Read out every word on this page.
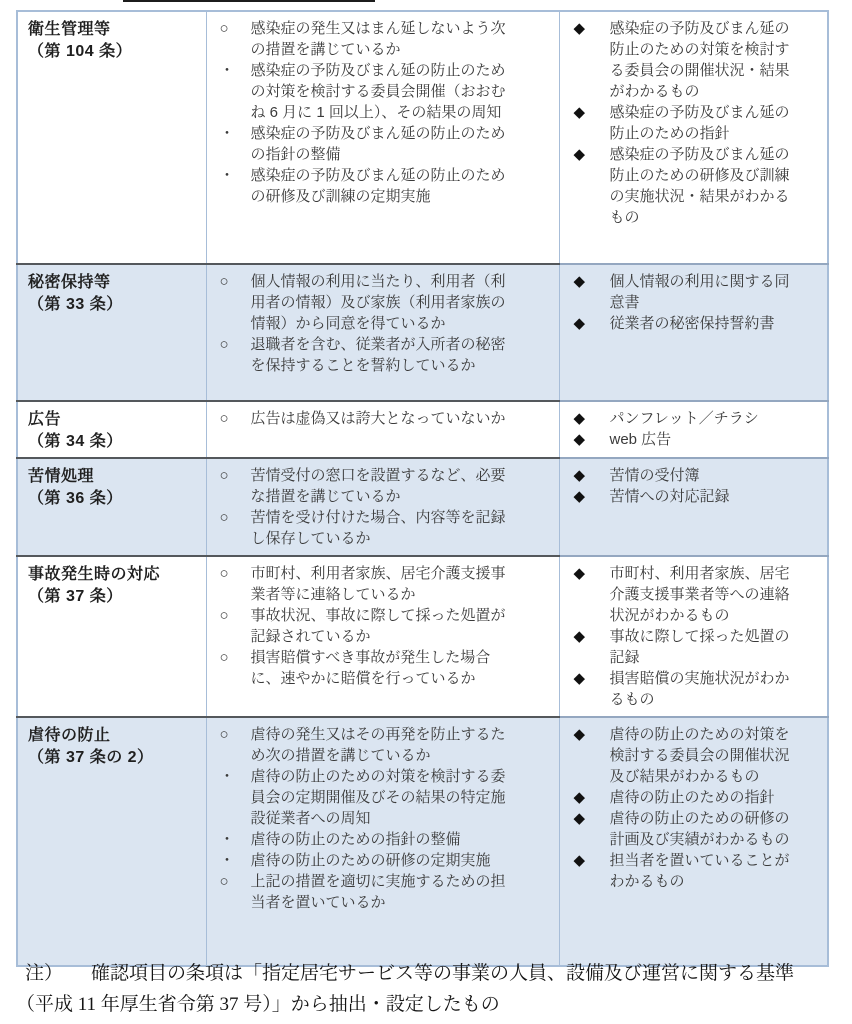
衛生管理等
（第 104 条）

○	感染症の発生又はまん延しないよう次の措置を講じているか
・	感染症の予防及びまん延の防止のための対策を検討する委員会開催（おおむね 6 月に 1 回以上）、その結果の周知
・	感染症の予防及びまん延の防止のための指針の整備
・	感染症の予防及びまん延の防止のための研修及び訓練の定期実施

◆	感染症の予防及びまん延の防止のための対策を検討する委員会の開催状況・結果がわかるもの
◆	感染症の予防及びまん延の防止のための指針
◆	感染症の予防及びまん延の防止のための研修及び訓練の実施状況・結果がわかるもの

秘密保持等
（第 33 条）

○	個人情報の利用に当たり、利用者（利用者の情報）及び家族（利用者家族の情報）から同意を得ているか
○	退職者を含む、従業者が入所者の秘密を保持することを誓約しているか

◆	個人情報の利用に関する同意書
◆	従業者の秘密保持誓約書

広告
（第 34 条）

○	広告は虚偽又は誇大となっていないか	◆	パンフレット／チラシ
◆	web 広告

苦情処理
（第 36 条）

○	苦情受付の窓口を設置するなど、必要な措置を講じているか
○	苦情を受け付けた場合、内容等を記録し保存しているか

◆	苦情の受付簿
◆	苦情への対応記録

事故発生時の対応
（第 37 条）

○	市町村、利用者家族、居宅介護支援事業者等に連絡しているか
○	事故状況、事故に際して採った処置が記録されているか
○	損害賠償すべき事故が発生した場合に、速やかに賠償を行っているか

◆	市町村、利用者家族、居宅介護支援事業者等への連絡状況がわかるもの
◆	事故に際して採った処置の記録
◆	損害賠償の実施状況がわかるもの

虐待の防止
（第 37 条の 2）

○	虐待の発生又はその再発を防止するため次の措置を講じているか
・	虐待の防止のための対策を検討する委員会の定期開催及びその結果の特定施設従業者への周知
・	虐待の防止のための指針の整備
・	虐待の防止のための研修の定期実施
○	上記の措置を適切に実施するための担当者を置いているか

◆	虐待の防止のための対策を検討する委員会の開催状況及び結果がわかるもの
◆	虐待の防止のための指針
◆	虐待の防止のための研修の計画及び実績がわかるもの
◆	担当者を置いていることがわかるもの
注） 確認項目の条項は「指定居宅サービス等の事業の人員、設備及び運営に関する基準
（平成 11 年厚生省令第 37 号）」から抽出・設定したもの
